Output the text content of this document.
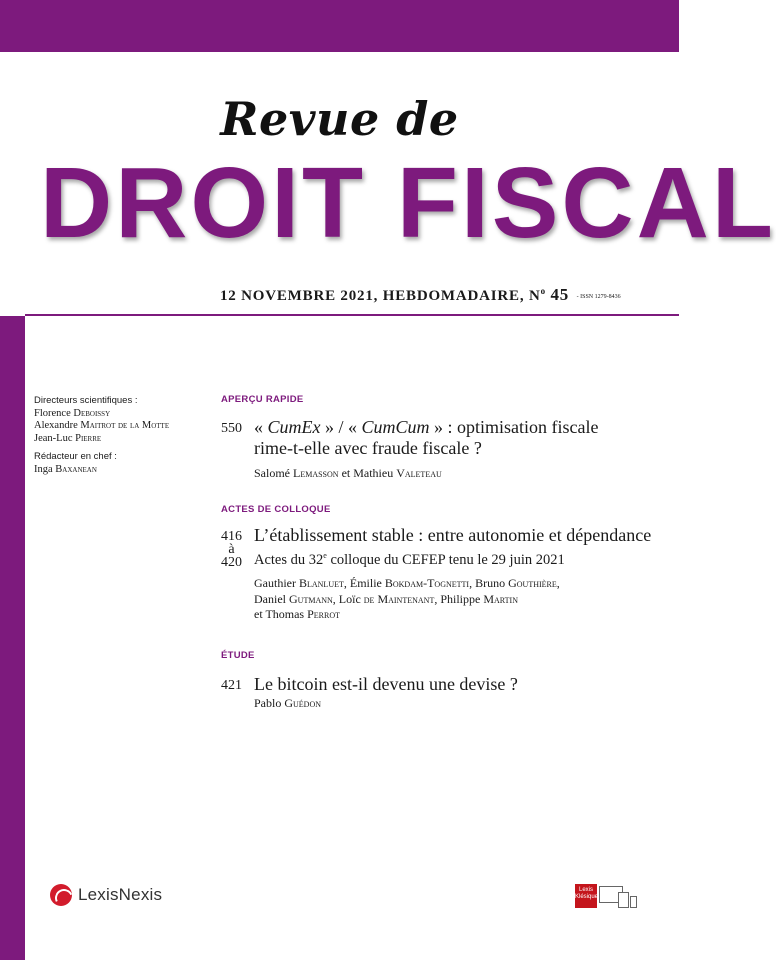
Revue de
DROIT FISCAL
12 NOVEMBRE 2021, HEBDOMADAIRE, $N^o$ 45 - ISSN 1279-8436
Directeurs scientifiques :
Florence Deboissy
Alexandre Maitrot de la Motte
Jean-Luc Pierre
Rédacteur en chef :
Inga Baxanean
APERÇU RAPIDE
550 « CumEx » / « CumCum » : optimisation fiscale
rime-t-elle avec fraude fiscale ?
Salomé Lemasson et Mathieu Valeteau
ACTES DE COLLOQUE
416
à
420
L’établissement stable : entre autonomie et dépendance
Actes du 32e colloque du CEFEP tenu le 29 juin 2021
Gauthier Blanluet, Émilie Bokdam-Tognetti, Bruno Gouthière,
Daniel Gutmann, Loïc de Maintenant, Philippe Martin
et Thomas Perrot
ÉTUDE
421 Le bitcoin est-il devenu une devise ?
Pablo Guédon
LexisNexis	Lexis
Klésique
